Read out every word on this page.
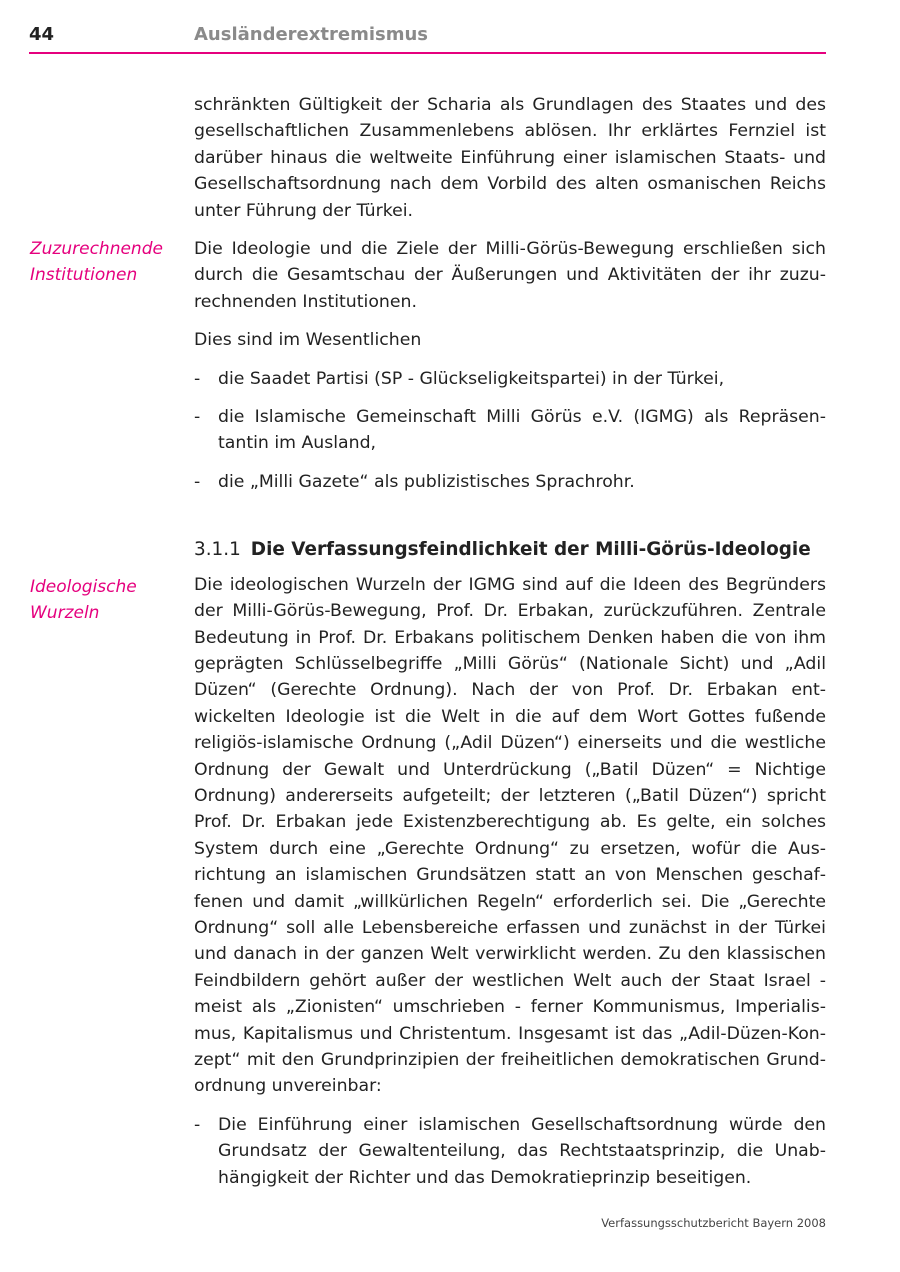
44	Ausländerextremismus
Zuzurechnende Institutionen
Ideologische Wurzeln

schränkten Gültigkeit der Scharia als Grundlagen des Staates und des gesellschaftlichen Zusammenlebens ablösen. Ihr erklärtes Fernziel ist darüber hinaus die weltweite Einführung einer islamischen Staats- und Gesellschaftsordnung nach dem Vorbild des alten osmanischen Reichs unter Führung der Türkei.

Die Ideologie und die Ziele der Milli-Görüs-Bewegung erschließen sich durch die Gesamtschau der Äußerungen und Aktivitäten der ihr zuzurechnenden Institutionen.

Dies sind im Wesentlichen

- die Saadet Partisi (SP - Glückseligkeitspartei) in der Türkei,
- die Islamische Gemeinschaft Milli Görüs e.V. (IGMG) als Repräsentantin im Ausland,
- die „Milli Gazete“ als publizistisches Sprachrohr.
3.1.1 Die Verfassungsfeindlichkeit der Milli-Görüs-Ideologie

Die ideologischen Wurzeln der IGMG sind auf die Ideen des Begründers der Milli-Görüs-Bewegung, Prof. Dr. Erbakan, zurückzuführen. Zentrale Bedeutung in Prof. Dr. Erbakans politischem Denken haben die von ihm geprägten Schlüsselbegriffe „Milli Görüs“ (Nationale Sicht) und „Adil Düzen“ (Gerechte Ordnung). Nach der von Prof. Dr. Erbakan entwickelten Ideologie ist die Welt in die auf dem Wort Gottes fußende religiös-islamische Ordnung („Adil Düzen“) einerseits und die westliche Ordnung der Gewalt und Unterdrückung („Batil Düzen“ = Nichtige Ordnung) andererseits aufgeteilt; der letzteren („Batil Düzen“) spricht Prof. Dr. Erbakan jede Existenzberechtigung ab. Es gelte, ein solches System durch eine „Gerechte Ordnung“ zu ersetzen, wofür die Ausrichtung an islamischen Grundsätzen statt an von Menschen geschaffenen und damit „willkürlichen Regeln“ erforderlich sei. Die „Gerechte Ordnung“ soll alle Lebensbereiche erfassen und zunächst in der Türkei und danach in der ganzen Welt verwirklicht werden. Zu den klassischen Feindbildern gehört außer der westlichen Welt auch der Staat Israel - meist als „Zionisten“ umschrieben - ferner Kommunismus, Imperialismus, Kapitalismus und Christentum. Insgesamt ist das „Adil-Düzen-Konzept“ mit den Grundprinzipien der freiheitlichen demokratischen Grundordnung unvereinbar:

- Die Einführung einer islamischen Gesellschaftsordnung würde den Grundsatz der Gewaltenteilung, das Rechtstaatsprinzip, die Unabhängigkeit der Richter und das Demokratieprinzip beseitigen.
Verfassungsschutzbericht Bayern 2008
